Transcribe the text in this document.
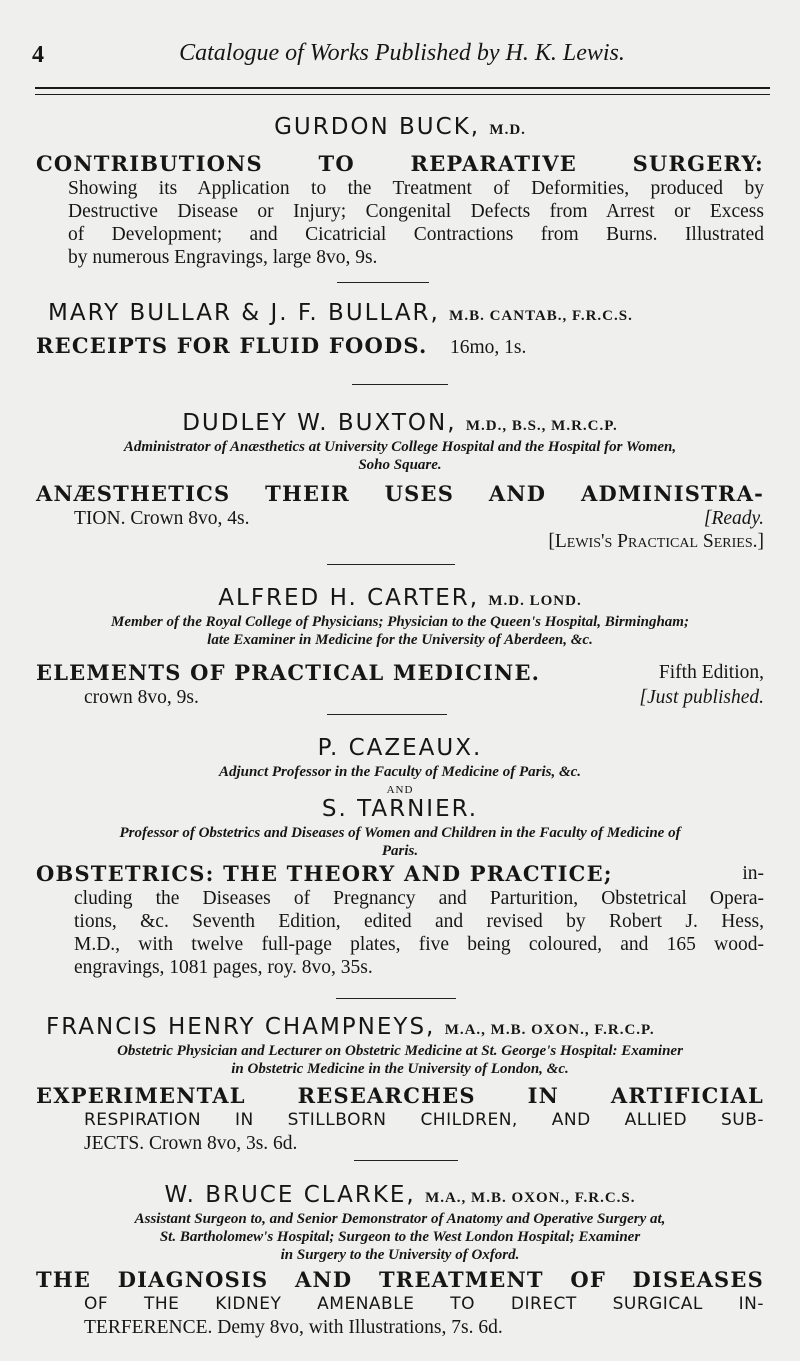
4	Catalogue of Works Published by H. K. Lewis.
GURDON BUCK, M.D.
CONTRIBUTIONS TO REPARATIVE SURGERY:
Showing its Application to the Treatment of Deformities, produced by
Destructive Disease or Injury; Congenital Defects from Arrest or Excess
of Development; and Cicatricial Contractions from Burns. Illustrated
by numerous Engravings, large 8vo, 9s.
MARY BULLAR & J. F. BULLAR, M.B. CANTAB., F.R.C.S.
RECEIPTS FOR FLUID FOODS. 16mo, 1s.
DUDLEY W. BUXTON, M.D., B.S., M.R.C.P.
Administrator of Anæsthetics at University College Hospital and the Hospital for Women,
Soho Square.
ANÆSTHETICS THEIR USES AND ADMINISTRA-
TION. Crown 8vo, 4s.	[Ready.
[Lewis's Practical Series.]
ALFRED H. CARTER, M.D. LOND.
Member of the Royal College of Physicians; Physician to the Queen's Hospital, Birmingham;
late Examiner in Medicine for the University of Aberdeen, &c.
ELEMENTS OF PRACTICAL MEDICINE.	Fifth Edition,
crown 8vo, 9s.	[Just published.
P. CAZEAUX.
Adjunct Professor in the Faculty of Medicine of Paris, &c.
AND
S. TARNIER.
Professor of Obstetrics and Diseases of Women and Children in the Faculty of Medicine of
Paris.
OBSTETRICS: THE THEORY AND PRACTICE;	in-
cluding the Diseases of Pregnancy and Parturition, Obstetrical Opera-
tions, &c. Seventh Edition, edited and revised by Robert J. Hess,
M.D., with twelve full-page plates, five being coloured, and 165 wood-
engravings, 1081 pages, roy. 8vo, 35s.
FRANCIS HENRY CHAMPNEYS, M.A., M.B. OXON., F.R.C.P.
Obstetric Physician and Lecturer on Obstetric Medicine at St. George's Hospital: Examiner
in Obstetric Medicine in the University of London, &c.
EXPERIMENTAL RESEARCHES IN ARTIFICIAL
RESPIRATION IN STILLBORN CHILDREN, AND ALLIED SUB-
JECTS. Crown 8vo, 3s. 6d.
W. BRUCE CLARKE, M.A., M.B. OXON., F.R.C.S.
Assistant Surgeon to, and Senior Demonstrator of Anatomy and Operative Surgery at,
St. Bartholomew's Hospital; Surgeon to the West London Hospital; Examiner
in Surgery to the University of Oxford.
THE DIAGNOSIS AND TREATMENT OF DISEASES
OF THE KIDNEY AMENABLE TO DIRECT SURGICAL IN-
TERFERENCE. Demy 8vo, with Illustrations, 7s. 6d.
